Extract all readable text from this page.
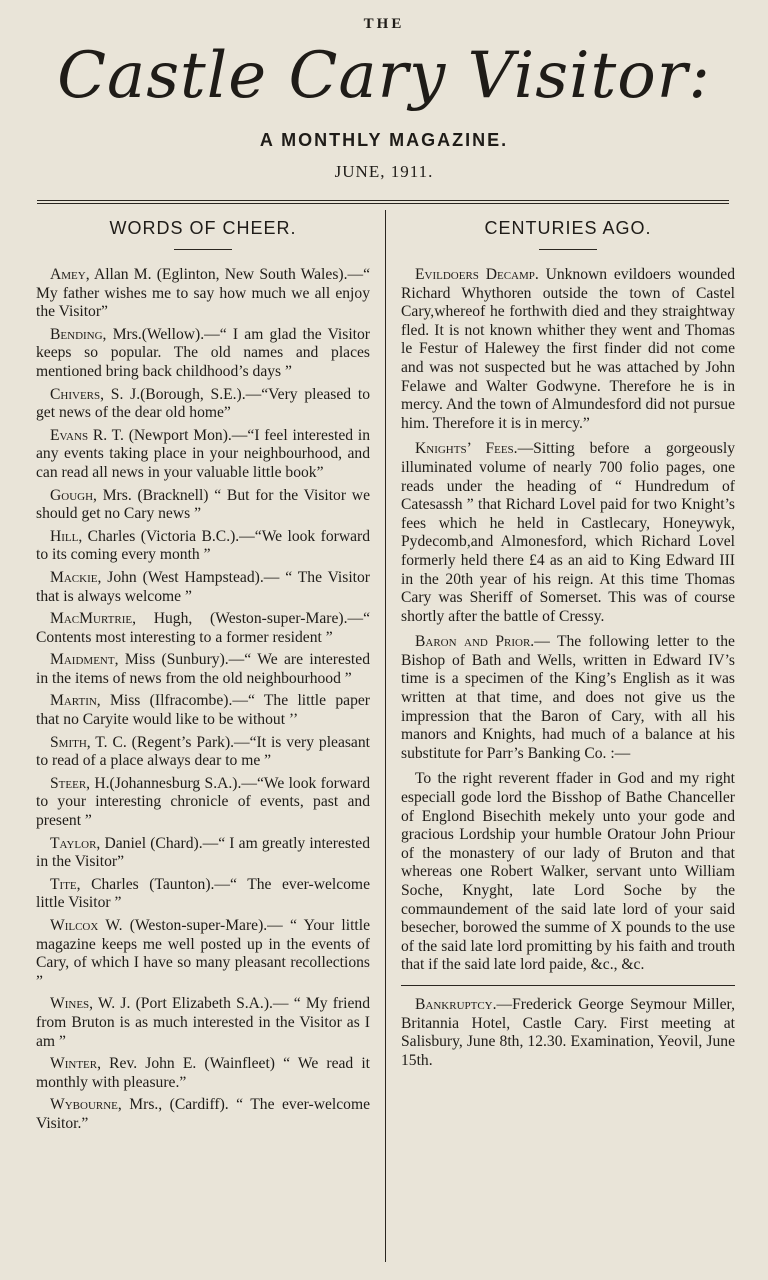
THE
Castle Cary Visitor:
A MONTHLY MAGAZINE.
JUNE, 1911.
WORDS OF CHEER.

Amey, Allan M. (Eglinton, New South Wales).—“ My father wishes me to say how much we all enjoy the Visitor”

Bending, Mrs.(Wellow).—“ I am glad the Visitor keeps so popular. The old names and places mentioned bring back childhood’s days ”

Chivers, S. J.(Borough, S.E.).—“Very pleased to get news of the dear old home”

Evans R. T. (Newport Mon).—“I feel interested in any events taking place in your neighbourhood, and can read all news in your valuable little book”

Gough, Mrs. (Bracknell) “ But for the Visitor we should get no Cary news ”

Hill, Charles (Victoria B.C.).—“We look forward to its coming every month ”

Mackie, John (West Hampstead).— “ The Visitor that is always welcome ”

MacMurtrie, Hugh, (Weston-super-Mare).—“ Contents most interesting to a former resident ”

Maidment, Miss (Sunbury).—“ We are interested in the items of news from the old neighbourhood ”

Martin, Miss (Ilfracombe).—“ The little paper that no Caryite would like to be without ’’

Smith, T. C. (Regent’s Park).—“It is very pleasant to read of a place always dear to me ”

Steer, H.(Johannesburg S.A.).—“We look forward to your interesting chronicle of events, past and present ”

Taylor, Daniel (Chard).—“ I am greatly interested in the Visitor”

Tite, Charles (Taunton).—“ The ever-welcome little Visitor ”

Wilcox W. (Weston-super-Mare).— “ Your little magazine keeps me well posted up in the events of Cary, of which I have so many pleasant recollections ”

Wines, W. J. (Port Elizabeth S.A.).— “ My friend from Bruton is as much interested in the Visitor as I am ”

Winter, Rev. John E. (Wainfleet) “ We read it monthly with pleasure.”

Wybourne, Mrs., (Cardiff). “ The ever-welcome Visitor.”

CENTURIES AGO.

Evildoers Decamp. Unknown evildoers wounded Richard Whythoren outside the town of Castel Cary,whereof he forthwith died and they straightway fled. It is not known whither they went and Thomas le Festur of Halewey the first finder did not come and was not suspected but he was attached by John Felawe and Walter Godwyne. Therefore he is in mercy. And the town of Almundesford did not pursue him. Therefore it is in mercy.”

Knights’ Fees.—Sitting before a gorgeously illuminated volume of nearly 700 folio pages, one reads under the heading of “ Hundredum of Catesassh ” that Richard Lovel paid for two Knight’s fees which he held in Castlecary, Honeywyk, Pydecomb,and Almonesford, which Richard Lovel formerly held there £4 as an aid to King Edward III in the 20th year of his reign. At this time Thomas Cary was Sheriff of Somerset. This was of course shortly after the battle of Cressy.

Baron and Prior.— The following letter to the Bishop of Bath and Wells, written in Edward IV’s time is a specimen of the King’s English as it was written at that time, and does not give us the impression that the Baron of Cary, with all his manors and Knights, had much of a balance at his substitute for Parr’s Banking Co. :—

To the right reverent ffader in God and my right especiall gode lord the Bisshop of Bathe Chanceller of Englond Bisechith mekely unto your gode and gracious Lordship your humble Oratour John Priour of the monastery of our lady of Bruton and that whereas one Robert Walker, servant unto William Soche, Knyght, late Lord Soche by the commaundement of the said late lord of your said besecher, borowed the summe of X pounds to the use of the said late lord promitting by his faith and trouth that if the said late lord paide, &c., &c.

Bankruptcy.—Frederick George Seymour Miller, Britannia Hotel, Castle Cary. First meeting at Salisbury, June 8th, 12.30. Examination, Yeovil, June 15th.
